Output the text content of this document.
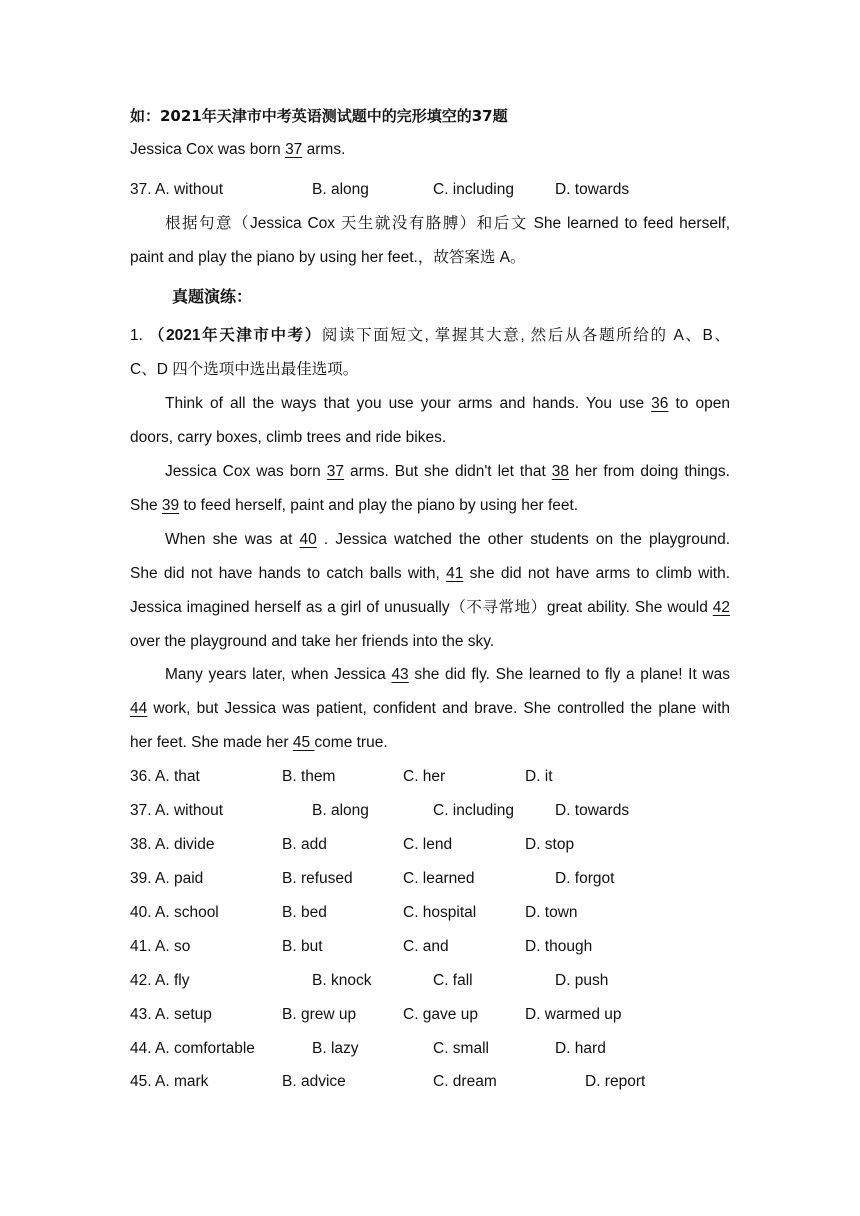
如：2021年天津市中考英语测试题中的完形填空的37题
Jessica Cox was born 37 arms.
37. A. without	B. along	C. including	D. towards
根据句意（Jessica Cox 天生就没有胳膊）和后文 She learned to feed herself,
paint and play the piano by using her feet.，故答案选 A。
真题演练：
1. （2021年天津市中考）阅读下面短文, 掌握其大意, 然后从各题所给的 A、B、
C、D 四个选项中选出最佳选项。
Think of all the ways that you use your arms and hands. You use 36 to open
doors, carry boxes, climb trees and ride bikes.
Jessica Cox was born 37 arms. But she didn't let that 38 her from doing things.
She 39 to feed herself, paint and play the piano by using her feet.
When she was at 40 . Jessica watched the other students on the playground.
She did not have hands to catch balls with, 41 she did not have arms to climb with.
Jessica imagined herself as a girl of unusually（不寻常地）great ability. She would 42
over the playground and take her friends into the sky.
Many years later, when Jessica 43 she did fly. She learned to fly a plane! It was
44 work, but Jessica was patient, confident and brave. She controlled the plane with
her feet. She made her 45 come true.
36. A. that	B. them	C. her	D. it
37. A. without	B. along	C. including	D. towards
38. A. divide	B. add	C. lend	D. stop
39. A. paid	B. refused	C. learned	D. forgot
40. A. school	B. bed	C. hospital	D. town
41. A. so	B. but	C. and	D. though
42. A. fly	B. knock	C. fall	D. push
43. A. setup	B. grew up	C. gave up	D. warmed up
44. A. comfortable	B. lazy	C. small	D. hard
45. A. mark	B. advice	C. dream	D. report
